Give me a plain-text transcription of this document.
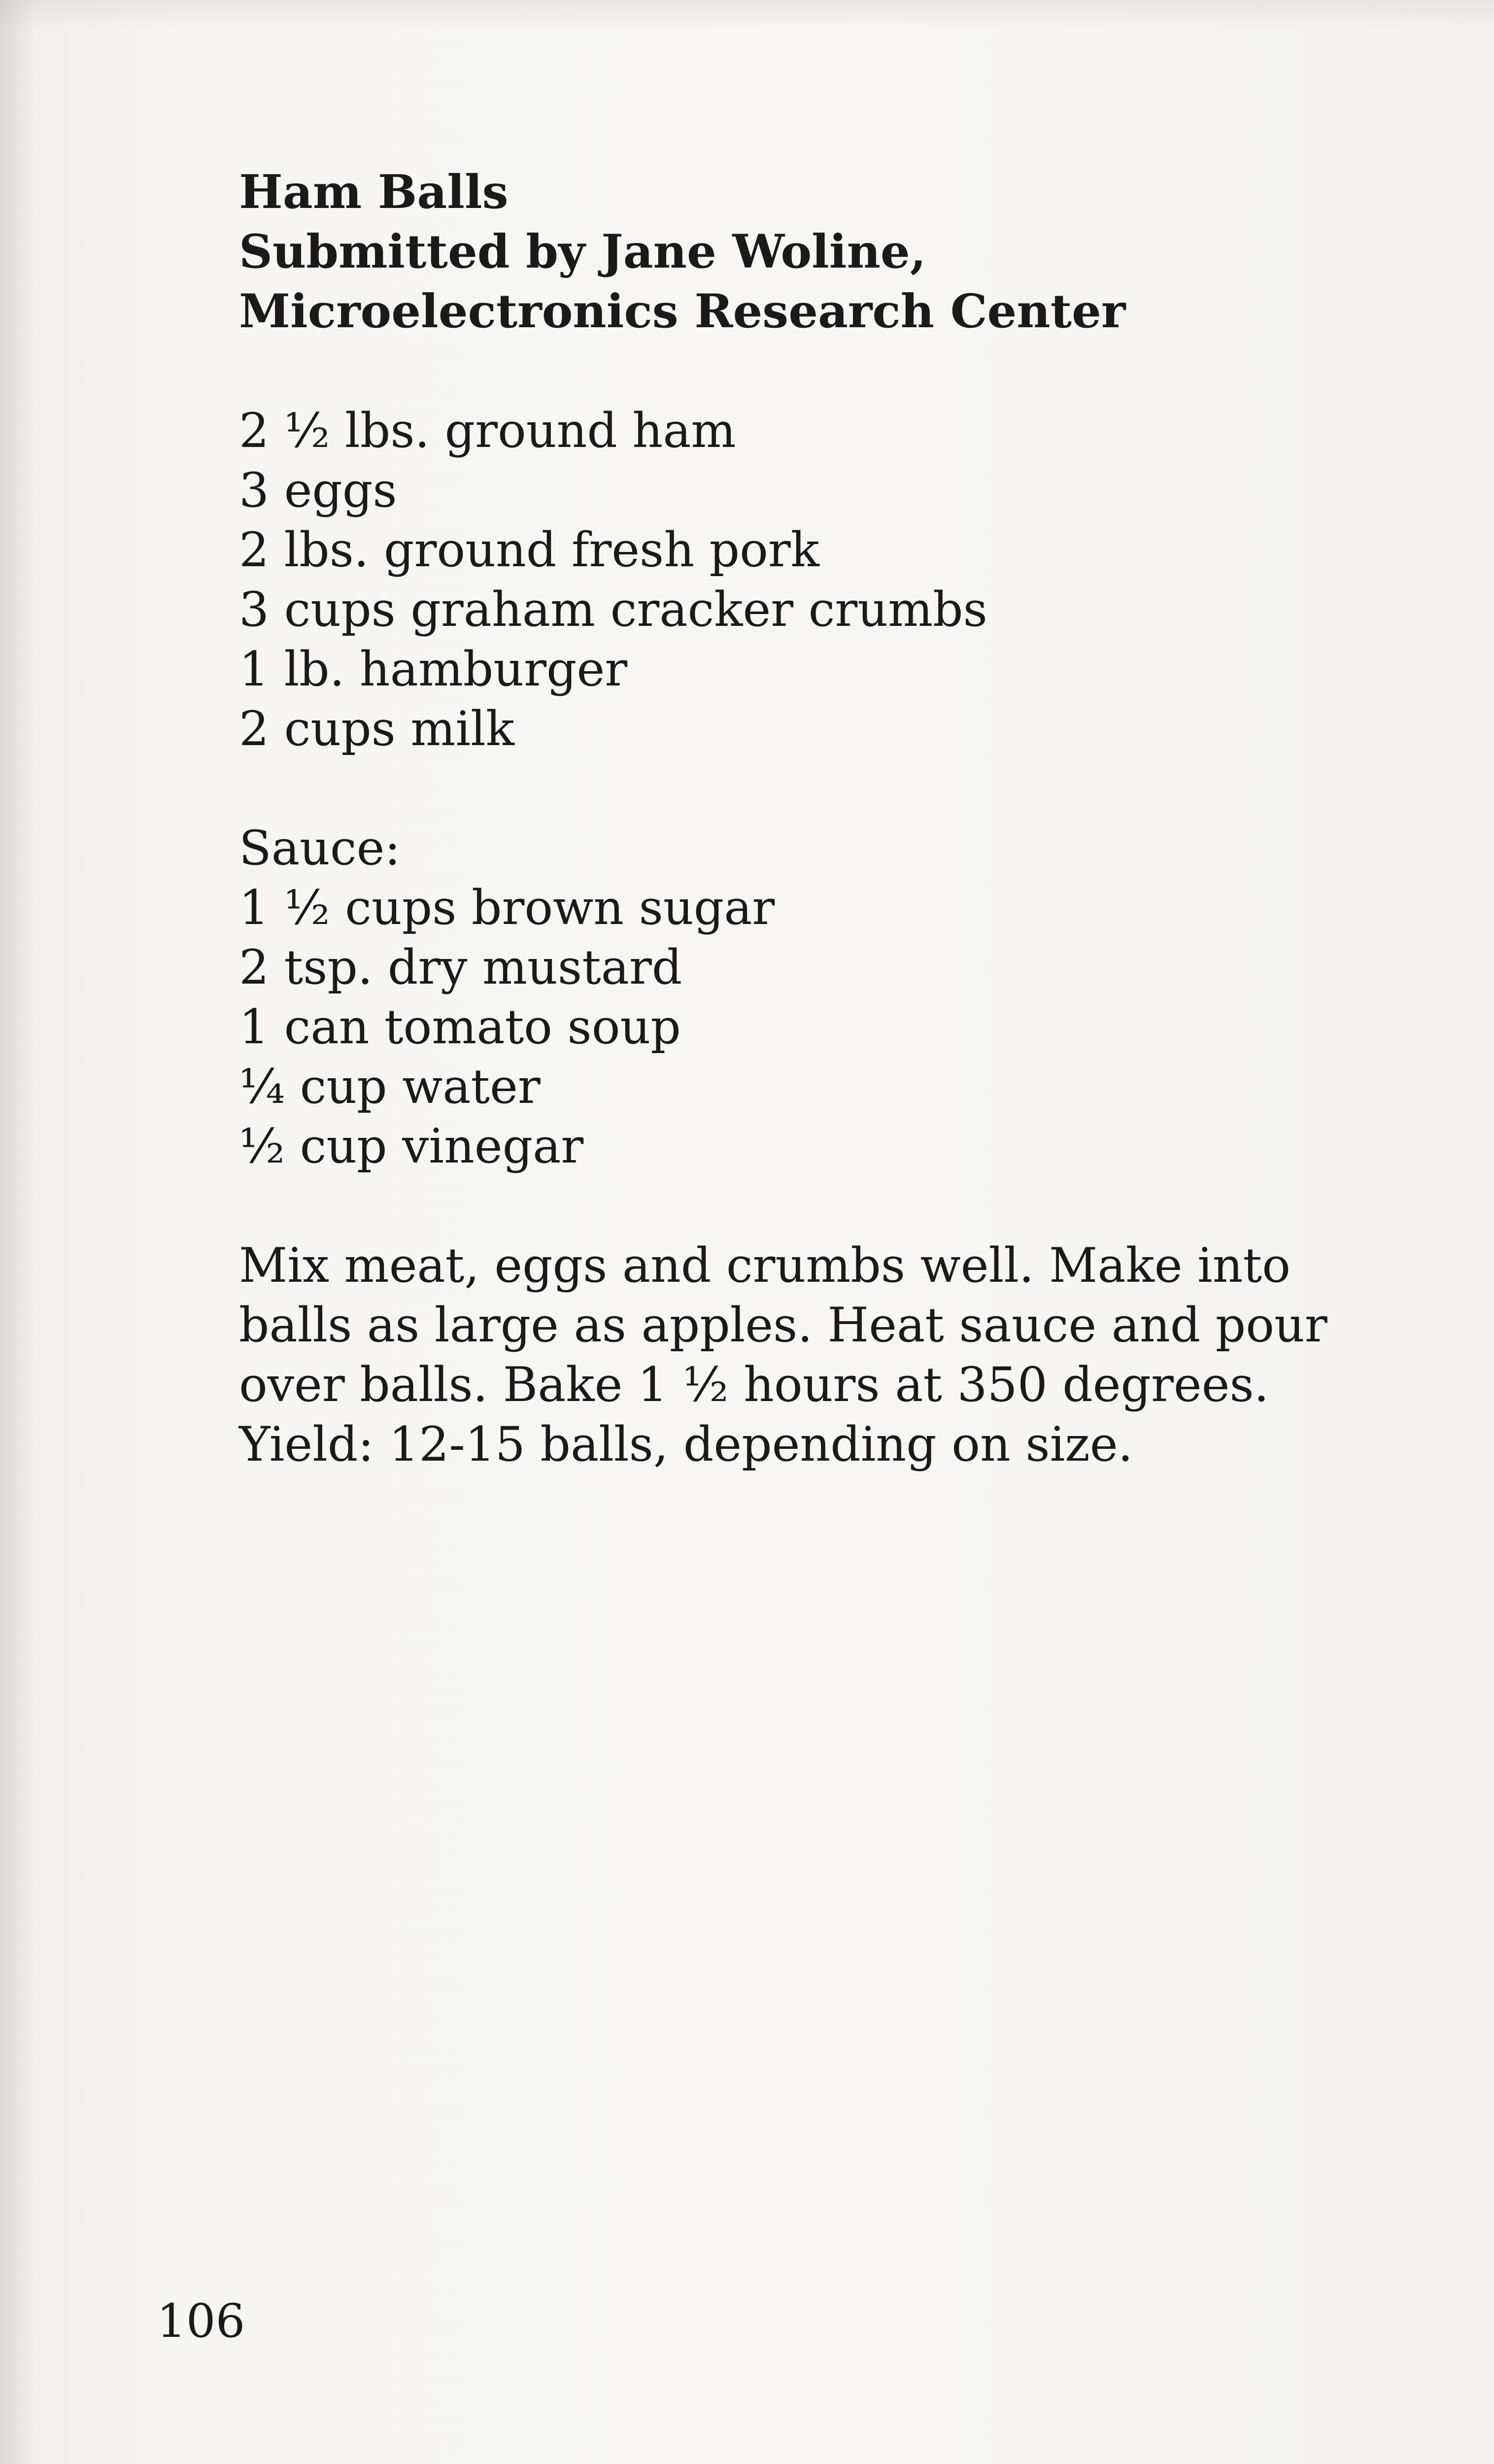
Ham Balls
Submitted by Jane Woline,
Microelectronics Research Center
2 ½ lbs. ground ham
3 eggs
2 lbs. ground fresh pork
3 cups graham cracker crumbs
1 lb. hamburger
2 cups milk
Sauce:
1 ½ cups brown sugar
2 tsp. dry mustard
1 can tomato soup
¼ cup water
½ cup vinegar
Mix meat, eggs and crumbs well. Make into
balls as large as apples. Heat sauce and pour
over balls. Bake 1 ½ hours at 350 degrees.
Yield: 12-15 balls, depending on size.
106
